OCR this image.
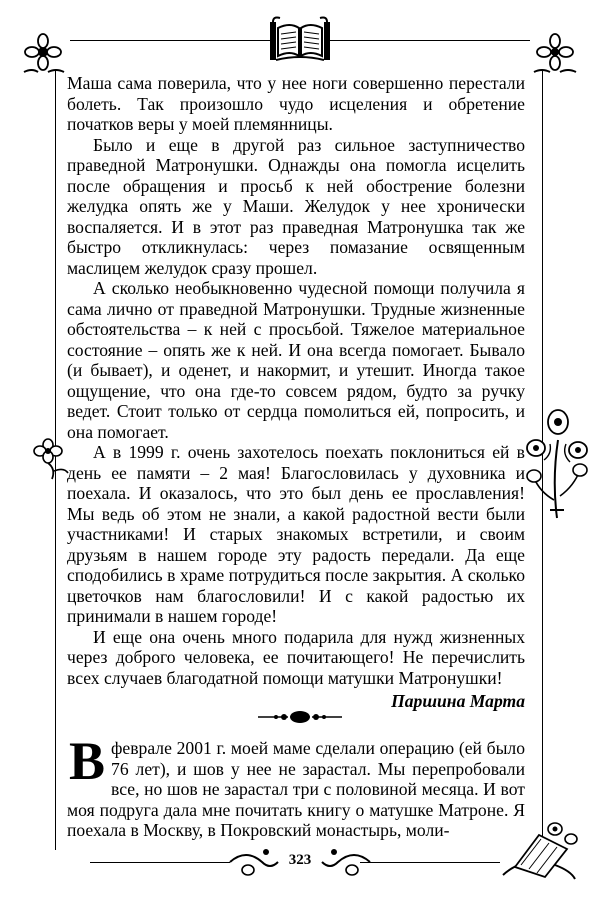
Маша сама поверила, что у нее ноги совершенно перестали болеть. Так произошло чудо исцеления и обретение початков веры у моей племянницы.

Было и еще в другой раз сильное заступничество праведной Матронушки. Однажды она помогла исцелить после обращения и просьб к ней обострение болезни желудка опять же у Маши. Желудок у нее хронически воспаляется. И в этот раз праведная Матронушка так же быстро откликнулась: через помазание освященным маслицем желудок сразу прошел.

А сколько необыкновенно чудесной помощи получила я сама лично от праведной Матронушки. Трудные жизненные обстоятельства – к ней с просьбой. Тяжелое материальное состояние – опять же к ней. И она всегда помогает. Бывало (и бывает), и оденет, и накормит, и утешит. Иногда такое ощущение, что она где-то совсем рядом, будто за ручку ведет. Стоит только от сердца помолиться ей, попросить, и она помогает.

А в 1999 г. очень захотелось поехать поклониться ей в день ее памяти – 2 мая! Благословилась у духовника и поехала. И оказалось, что это был день ее прославления! Мы ведь об этом не знали, а какой радостной вести были участниками! И старых знакомых встретили, и своим друзьям в нашем городе эту радость передали. Да еще сподобились в храме потрудиться после закрытия. А сколько цветочков нам благословили! И с какой радостью их принимали в нашем городе!

И еще она очень много подарила для нужд жизненных через доброго человека, ее почитающего! Не перечислить всех случаев благодатной помощи матушки Матронушки!

Паршина Марта
В феврале 2001 г. моей маме сделали операцию (ей было 76 лет), и шов у нее не зарастал. Мы перепробовали все, но шов не зарастал три с половиной месяца. И вот моя подруга дала мне почитать книгу о матушке Матроне. Я поехала в Москву, в Покровский монастырь, моли-
323
